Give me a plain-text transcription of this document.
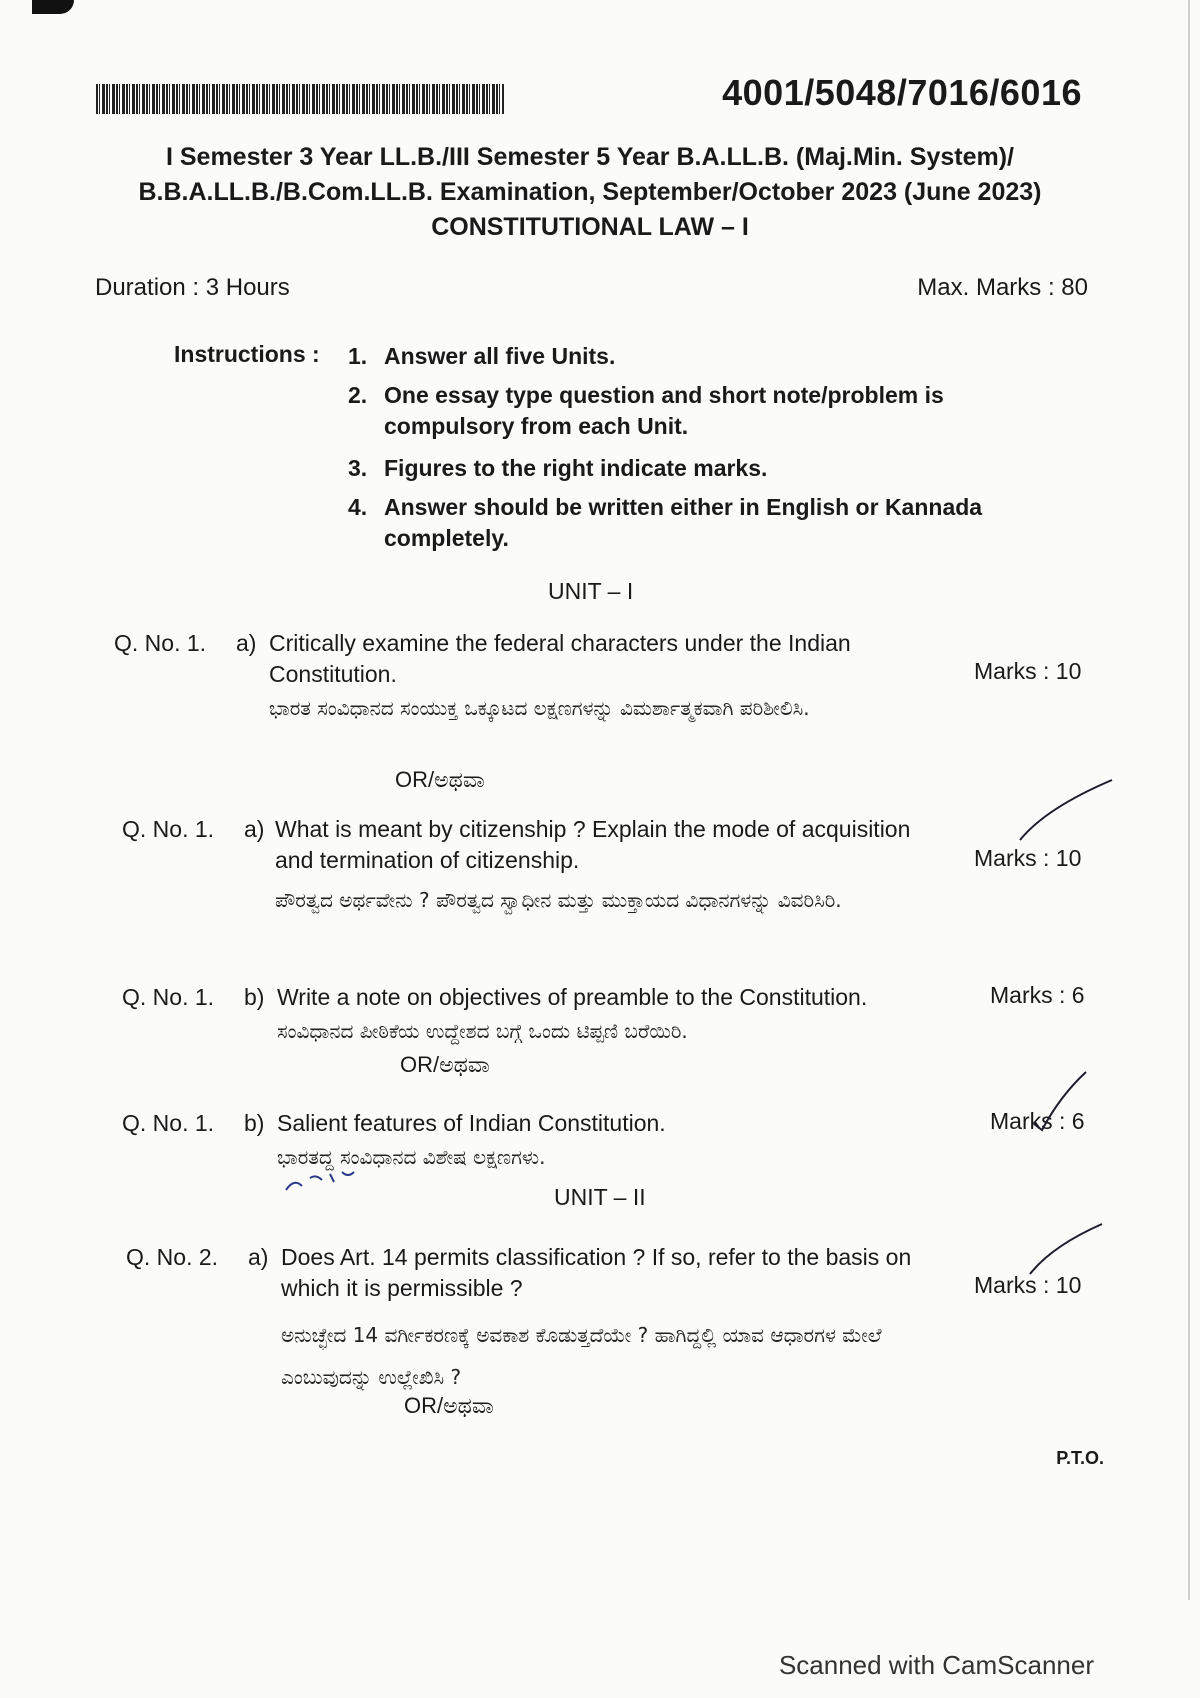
4001/5048/7016/6016
I Semester 3 Year LL.B./III Semester 5 Year B.A.LL.B. (Maj.Min. System)/
B.B.A.LL.B./B.Com.LL.B. Examination, September/October 2023 (June 2023)
CONSTITUTIONAL LAW – I
Duration : 3 Hours	Max. Marks : 80
Instructions : 1. Answer all five Units.
2. One essay type question and short note/problem is compulsory from each Unit.
3. Figures to the right indicate marks.
4. Answer should be written either in English or Kannada completely.
UNIT – I
Q. No. 1. a) Critically examine the federal characters under the Indian Constitution.
ಭಾರತ ಸಂವಿಧಾನದ ಸಂಯುಕ್ತ ಒಕ್ಕೂಟದ ಲಕ್ಷಣಗಳನ್ನು ವಿಮರ್ಶಾತ್ಮಕವಾಗಿ ಪರಿಶೀಲಿಸಿ.
Marks : 10
OR/ಅಥವಾ
Q. No. 1. a) What is meant by citizenship ? Explain the mode of acquisition and termination of citizenship.
ಪೌರತ್ವದ ಅರ್ಥವೇನು ? ಪೌರತ್ವದ ಸ್ವಾಧೀನ ಮತ್ತು ಮುಕ್ತಾಯದ ವಿಧಾನಗಳನ್ನು ವಿವರಿಸಿರಿ.
Marks : 10
Q. No. 1. b) Write a note on objectives of preamble to the Constitution.
ಸಂವಿಧಾನದ ಪೀಠಿಕೆಯ ಉದ್ದೇಶದ ಬಗ್ಗೆ ಒಂದು ಟಿಪ್ಪಣಿ ಬರೆಯಿರಿ.
Marks : 6
OR/ಅಥವಾ
Q. No. 1. b) Salient features of Indian Constitution.
ಭಾರತದ್ದ ಸಂವಿಧಾನದ ವಿಶೇಷ ಲಕ್ಷಣಗಳು.
Marks : 6
UNIT – II
Q. No. 2. a) Does Art. 14 permits classification ? If so, refer to the basis on which it is permissible ?
ಅನುಚ್ಛೇದ 14 ವರ್ಗೀಕರಣಕ್ಕೆ ಅವಕಾಶ ಕೊಡುತ್ತದೆಯೇ ? ಹಾಗಿದ್ದಲ್ಲಿ ಯಾವ ಆಧಾರಗಳ ಮೇಲೆ ಎಂಬುವುದನ್ನು ಉಲ್ಲೇಖಿಸಿ ?
Marks : 10
OR/ಅಥವಾ
P.T.O.
Scanned with CamScanner
